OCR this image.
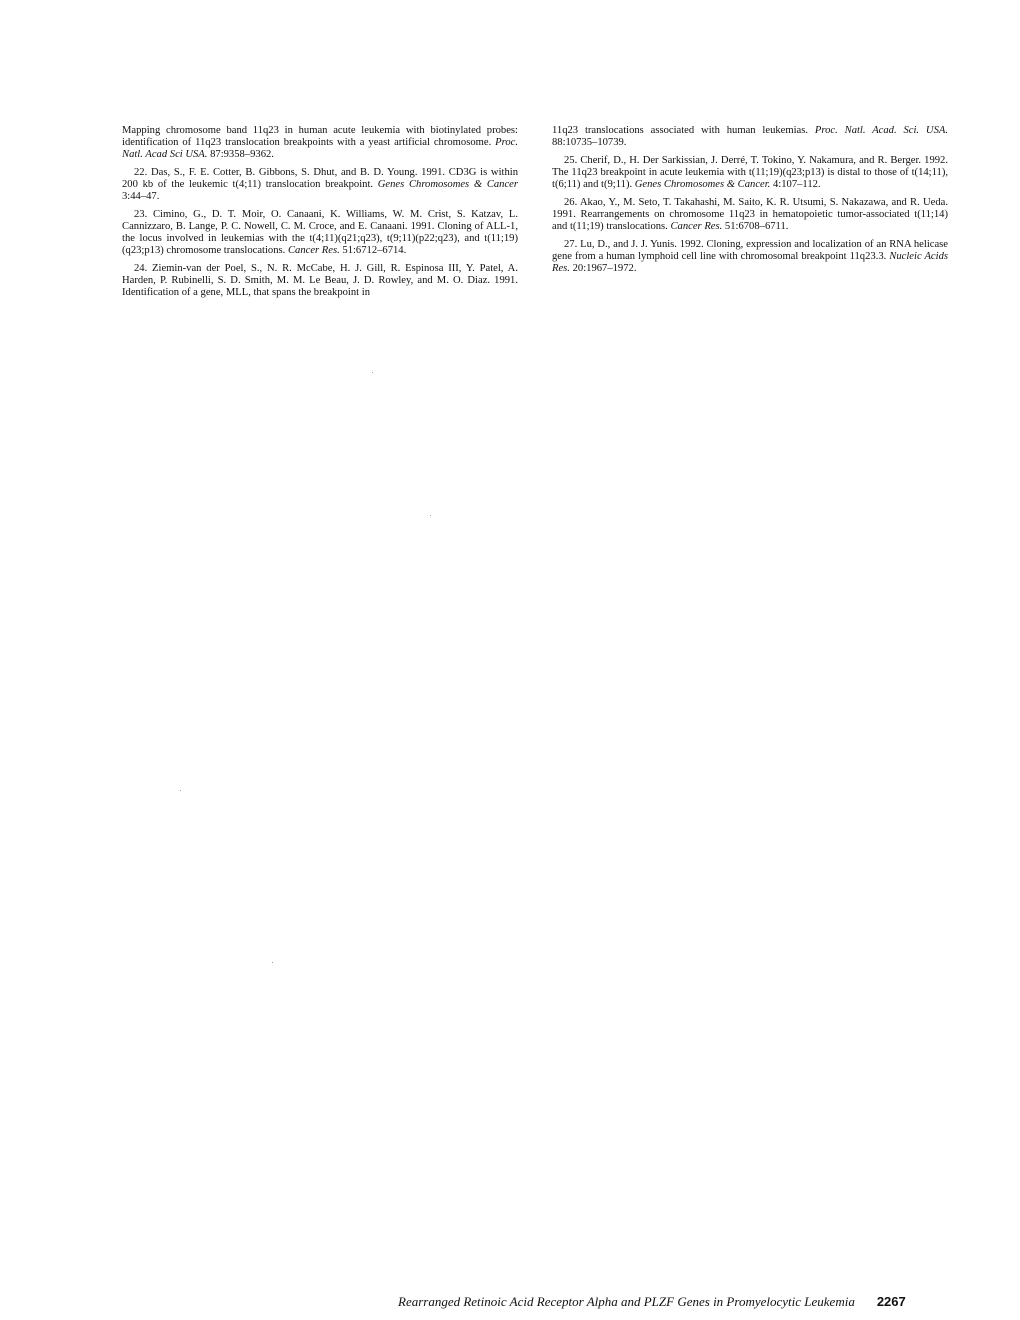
Mapping chromosome band 11q23 in human acute leukemia with biotinylated probes: identification of 11q23 translocation breakpoints with a yeast artificial chromosome. Proc. Natl. Acad Sci USA. 87:9358–9362.

22. Das, S., F. E. Cotter, B. Gibbons, S. Dhut, and B. D. Young. 1991. CD3G is within 200 kb of the leukemic t(4;11) translocation breakpoint. Genes Chromosomes & Cancer 3:44–47.

23. Cimino, G., D. T. Moir, O. Canaani, K. Williams, W. M. Crist, S. Katzav, L. Cannizzaro, B. Lange, P. C. Nowell, C. M. Croce, and E. Canaani. 1991. Cloning of ALL-1, the locus involved in leukemias with the t(4;11)(q21;q23), t(9;11)(p22;q23), and t(11;19)(q23;p13) chromosome translocations. Cancer Res. 51:6712–6714.

24. Ziemin-van der Poel, S., N. R. McCabe, H. J. Gill, R. Espinosa III, Y. Patel, A. Harden, P. Rubinelli, S. D. Smith, M. M. Le Beau, J. D. Rowley, and M. O. Diaz. 1991. Identification of a gene, MLL, that spans the breakpoint in

11q23 translocations associated with human leukemias. Proc. Natl. Acad. Sci. USA. 88:10735–10739.

25. Cherif, D., H. Der Sarkissian, J. Derré, T. Tokino, Y. Nakamura, and R. Berger. 1992. The 11q23 breakpoint in acute leukemia with t(11;19)(q23;p13) is distal to those of t(14;11), t(6;11) and t(9;11). Genes Chromosomes & Cancer. 4:107–112.

26. Akao, Y., M. Seto, T. Takahashi, M. Saito, K. R. Utsumi, S. Nakazawa, and R. Ueda. 1991. Rearrangements on chromosome 11q23 in hematopoietic tumor-associated t(11;14) and t(11;19) translocations. Cancer Res. 51:6708–6711.

27. Lu, D., and J. J. Yunis. 1992. Cloning, expression and localization of an RNA helicase gene from a human lymphoid cell line with chromosomal breakpoint 11q23.3. Nucleic Acids Res. 20:1967–1972.

Rearranged Retinoic Acid Receptor Alpha and PLZF Genes in Promyelocytic Leukemia 2267
